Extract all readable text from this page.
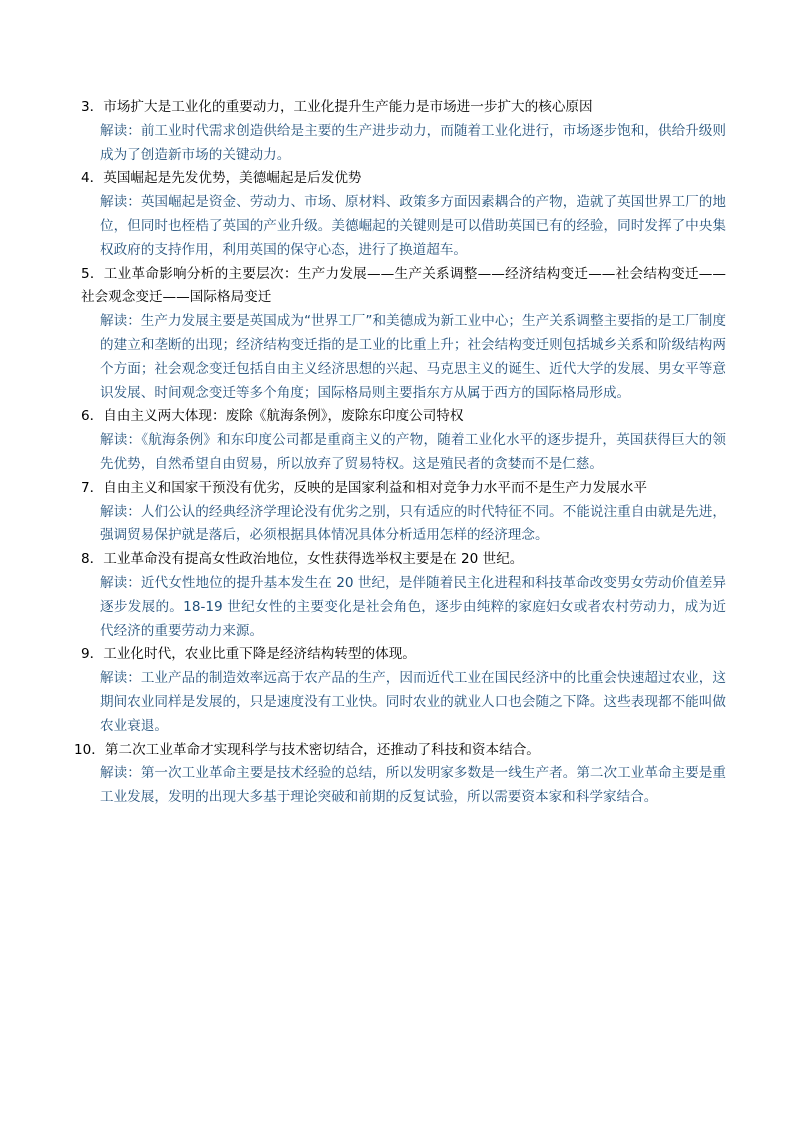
3．市场扩大是工业化的重要动力，工业化提升生产能力是市场进一步扩大的核心原因

解读：前工业时代需求创造供给是主要的生产进步动力，而随着工业化进行，市场逐步饱和，供给升级则成为了创造新市场的关键动力。

4．英国崛起是先发优势，美德崛起是后发优势

解读：英国崛起是资金、劳动力、市场、原材料、政策多方面因素耦合的产物，造就了英国世界工厂的地位，但同时也桎梏了英国的产业升级。美德崛起的关键则是可以借助英国已有的经验，同时发挥了中央集权政府的支持作用，利用英国的保守心态，进行了换道超车。

5．工业革命影响分析的主要层次：生产力发展——生产关系调整——经济结构变迁——社会结构变迁——社会观念变迁——国际格局变迁

解读：生产力发展主要是英国成为“世界工厂”和美德成为新工业中心；生产关系调整主要指的是工厂制度的建立和垄断的出现；经济结构变迁指的是工业的比重上升；社会结构变迁则包括城乡关系和阶级结构两个方面；社会观念变迁包括自由主义经济思想的兴起、马克思主义的诞生、近代大学的发展、男女平等意识发展、时间观念变迁等多个角度；国际格局则主要指东方从属于西方的国际格局形成。

6．自由主义两大体现：废除《航海条例》，废除东印度公司特权

解读：《航海条例》和东印度公司都是重商主义的产物，随着工业化水平的逐步提升，英国获得巨大的领先优势，自然希望自由贸易，所以放弃了贸易特权。这是殖民者的贪婪而不是仁慈。

7．自由主义和国家干预没有优劣，反映的是国家利益和相对竞争力水平而不是生产力发展水平

解读：人们公认的经典经济学理论没有优劣之别，只有适应的时代特征不同。不能说注重自由就是先进，强调贸易保护就是落后，必须根据具体情况具体分析适用怎样的经济理念。

8．工业革命没有提高女性政治地位，女性获得选举权主要是在 20 世纪。

解读：近代女性地位的提升基本发生在 20 世纪，是伴随着民主化进程和科技革命改变男女劳动价值差异逐步发展的。18-19 世纪女性的主要变化是社会角色，逐步由纯粹的家庭妇女或者农村劳动力，成为近代经济的重要劳动力来源。

9．工业化时代，农业比重下降是经济结构转型的体现。

解读：工业产品的制造效率远高于农产品的生产，因而近代工业在国民经济中的比重会快速超过农业，这期间农业同样是发展的，只是速度没有工业快。同时农业的就业人口也会随之下降。这些表现都不能叫做农业衰退。

10．第二次工业革命才实现科学与技术密切结合，还推动了科技和资本结合。

解读：第一次工业革命主要是技术经验的总结，所以发明家多数是一线生产者。第二次工业革命主要是重工业发展，发明的出现大多基于理论突破和前期的反复试验，所以需要资本家和科学家结合。
